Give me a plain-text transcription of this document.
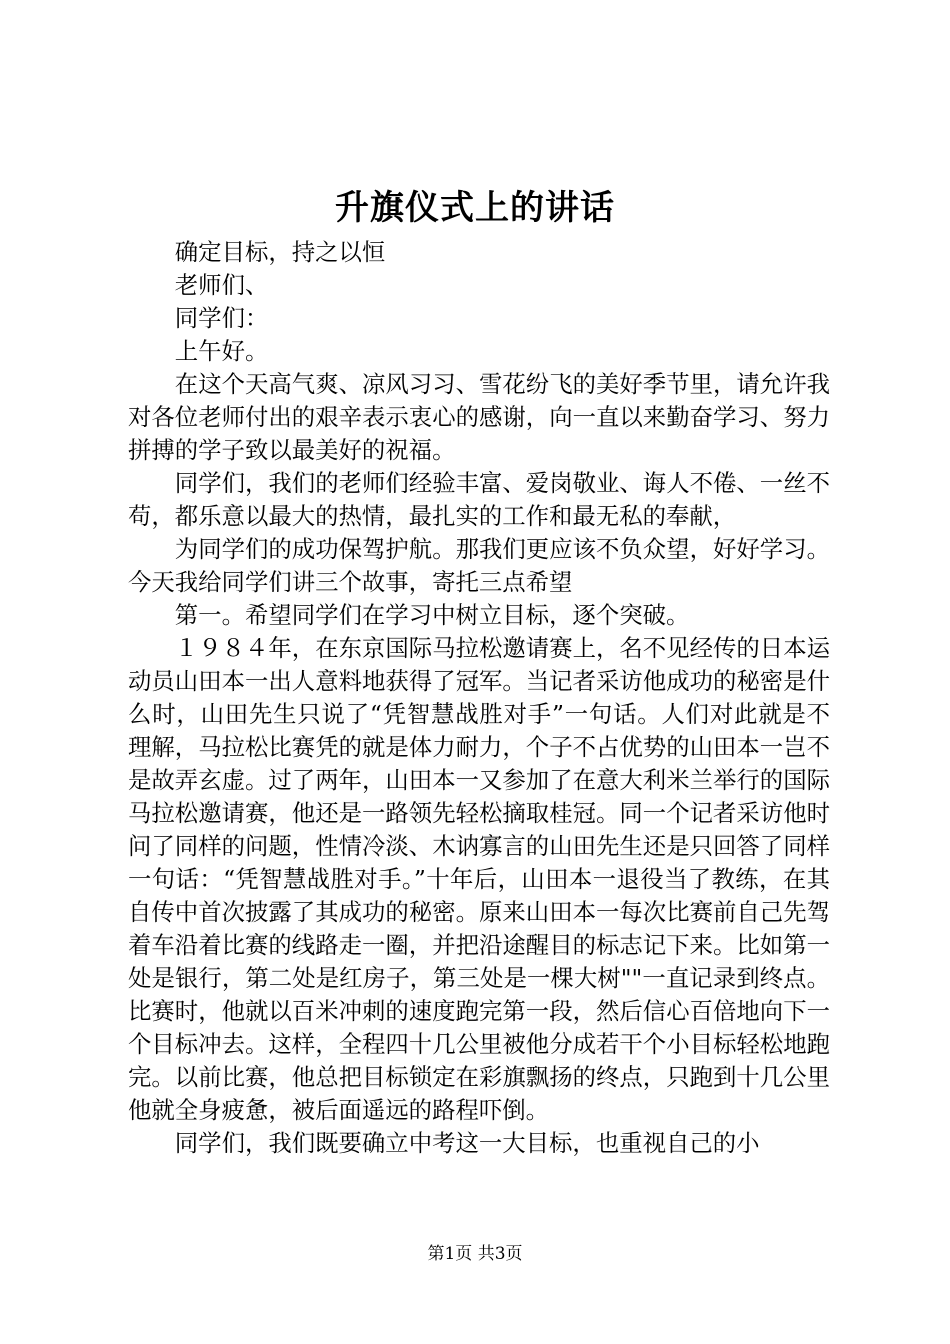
升旗仪式上的讲话

确定目标，持之以恒

老师们、

同学们：

上午好。

在这个天高气爽、凉风习习、雪花纷飞的美好季节里，请允许我对各位老师付出的艰辛表示衷心的感谢，向一直以来勤奋学习、努力拼搏的学子致以最美好的祝福。

同学们，我们的老师们经验丰富、爱岗敬业、诲人不倦、一丝不苟，都乐意以最大的热情，最扎实的工作和最无私的奉献，

为同学们的成功保驾护航。那我们更应该不负众望，好好学习。今天我给同学们讲三个故事，寄托三点希望

第一。希望同学们在学习中树立目标，逐个突破。

１９８４年，在东京国际马拉松邀请赛上，名不见经传的日本运动员山田本一出人意料地获得了冠军。当记者采访他成功的秘密是什么时，山田先生只说了“凭智慧战胜对手”一句话。人们对此就是不理解，马拉松比赛凭的就是体力耐力，个子不占优势的山田本一岂不是故弄玄虚。过了两年，山田本一又参加了在意大利米兰举行的国际马拉松邀请赛，他还是一路领先轻松摘取桂冠。同一个记者采访他时问了同样的问题，性情冷淡、木讷寡言的山田先生还是只回答了同样一句话：“凭智慧战胜对手。”十年后，山田本一退役当了教练，在其自传中首次披露了其成功的秘密。原来山田本一每次比赛前自己先驾着车沿着比赛的线路走一圈，并把沿途醒目的标志记下来。比如第一处是银行，第二处是红房子，第三处是一棵大树""一直记录到终点。比赛时，他就以百米冲刺的速度跑完第一段，然后信心百倍地向下一个目标冲去。这样，全程四十几公里被他分成若干个小目标轻松地跑完。以前比赛，他总把目标锁定在彩旗飘扬的终点，只跑到十几公里他就全身疲惫，被后面遥远的路程吓倒。

同学们，我们既要确立中考这一大目标，也重视自己的小

第1页 共3页
